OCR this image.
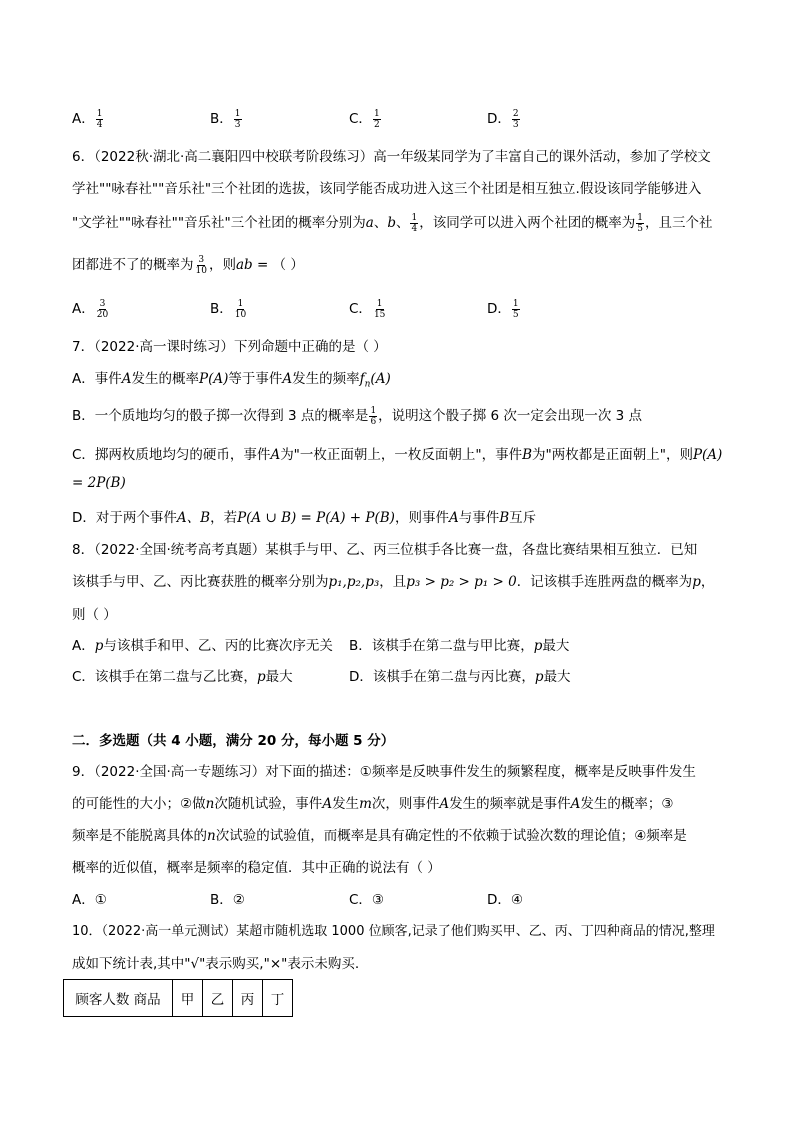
A． $\frac{1}{4}$	B． $\frac{1}{3}$	C． $\frac{1}{2}$	D． $\frac{2}{3}$
6．（2022秋·湖北·高二襄阳四中校联考阶段练习）高一年级某同学为了丰富自己的课外活动，参加了学校文
学社""咏春社""音乐社"三个社团的选拔，该同学能否成功进入这三个社团是相互独立.假设该同学能够进入
"文学社""咏春社""音乐社"三个社团的概率分别为a、b、 $\frac{1}{4}$ ，该同学可以进入两个社团的概率为 $\frac{1}{5}$ ，且三个社
团都进不了的概率为 $\frac{3}{10}$ ，则ab = （ ）
A． $\frac{3}{20}$	B． $\frac{1}{10}$	C． $\frac{1}{15}$	D． $\frac{1}{5}$
7．（2022·高一课时练习）下列命题中正确的是（ ）
A．事件A发生的概率P(A)等于事件A发生的频率$f_n(A)$
B．一个质地均匀的骰子掷一次得到 3 点的概率是 $\frac{1}{6}$ ，说明这个骰子掷 6 次一定会出现一次 3 点
C．掷两枚质地均匀的硬币，事件A为"一枚正面朝上，一枚反面朝上"，事件B为"两枚都是正面朝上"，则P(A)
= 2P(B)
D．对于两个事件A、B，若P(A ∪ B) = P(A) + P(B)，则事件A与事件B互斥
8．（2022·全国·统考高考真题）某棋手与甲、乙、丙三位棋手各比赛一盘，各盘比赛结果相互独立．已知
该棋手与甲、乙、丙比赛获胜的概率分别为p₁,p₂,p₃，且p₃ > p₂ > p₁ > 0．记该棋手连胜两盘的概率为p，
则（ ）
A．p与该棋手和甲、乙、丙的比赛次序无关 B．该棋手在第二盘与甲比赛，p最大
C．该棋手在第二盘与乙比赛，p最大	D．该棋手在第二盘与丙比赛，p最大
二．多选题（共 4 小题，满分 20 分，每小题 5 分）
9．（2022·全国·高一专题练习）对下面的描述：①频率是反映事件发生的频繁程度，概率是反映事件发生
的可能性的大小；②做n次随机试验，事件A发生m次，则事件A发生的频率就是事件A发生的概率；③
频率是不能脱离具体的n次试验的试验值，而概率是具有确定性的不依赖于试验次数的理论值；④频率是
概率的近似值，概率是频率的稳定值．其中正确的说法有（ ）
A．①	B．②	C．③	D．④
10．（2022·高一单元测试）某超市随机选取 1000 位顾客,记录了他们购买甲、乙、丙、丁四种商品的情况,整理
成如下统计表,其中"√"表示购买,"×"表示未购买.
顾客人数 商品	甲	乙	丙	丁
